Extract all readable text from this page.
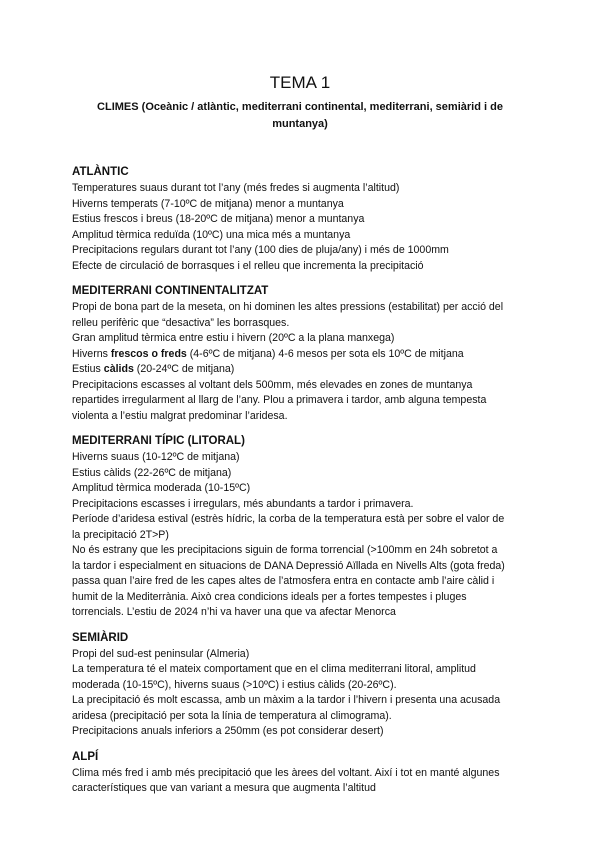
TEMA 1
CLIMES (Oceànic / atlàntic, mediterrani continental, mediterrani, semiàrid i de
muntanya)
ATLÀNTIC

Temperatures suaus durant tot l’any (més fredes si augmenta l’altitud)

Hiverns temperats (7-10ºC de mitjana) menor a muntanya

Estius frescos i breus (18-20ºC de mitjana) menor a muntanya

Amplitud tèrmica reduïda (10ºC) una mica més a muntanya

Precipitacions regulars durant tot l’any (100 dies de pluja/any) i més de 1000mm

Efecte de circulació de borrasques i el relleu que incrementa la precipitació

MEDITERRANI CONTINENTALITZAT

Propi de bona part de la meseta, on hi dominen les altes pressions (estabilitat) per acció del

relleu perifèric que “desactiva” les borrasques.

Gran amplitud tèrmica entre estiu i hivern (20ºC a la plana manxega)

Hiverns frescos o freds (4-6ºC de mitjana) 4-6 mesos per sota els 10ºC de mitjana

Estius càlids (20-24ºC de mitjana)

Precipitacions escasses al voltant dels 500mm, més elevades en zones de muntanya

repartides irregularment al llarg de l’any. Plou a primavera i tardor, amb alguna tempesta

violenta a l’estiu malgrat predominar l’aridesa.

MEDITERRANI TÍPIC (LITORAL)

Hiverns suaus (10-12ºC de mitjana)

Estius càlids (22-26ºC de mitjana)

Amplitud tèrmica moderada (10-15ºC)

Precipitacions escasses i irregulars, més abundants a tardor i primavera.

Període d’aridesa estival (estrès hídric, la corba de la temperatura està per sobre el valor de

la precipitació 2T>P)

No és estrany que les precipitacions siguin de forma torrencial (>100mm en 24h sobretot a

la tardor i especialment en situacions de DANA Depressió Aïllada en Nivells Alts (gota freda)

passa quan l’aire fred de les capes altes de l’atmosfera entra en contacte amb l’aire càlid i

humit de la Mediterrània. Això crea condicions ideals per a fortes tempestes i pluges

torrencials. L’estiu de 2024 n’hi va haver una que va afectar Menorca

SEMIÀRID

Propi del sud-est peninsular (Almeria)

La temperatura té el mateix comportament que en el clima mediterrani litoral, amplitud

moderada (10-15ºC), hiverns suaus (>10ºC) i estius càlids (20-26ºC).

La precipitació és molt escassa, amb un màxim a la tardor i l’hivern i presenta una acusada

aridesa (precipitació per sota la línia de temperatura al climograma).

Precipitacions anuals inferiors a 250mm (es pot considerar desert)

ALPÍ

Clima més fred i amb més precipitació que les àrees del voltant. Així i tot en manté algunes

característiques que van variant a mesura que augmenta l’altitud
